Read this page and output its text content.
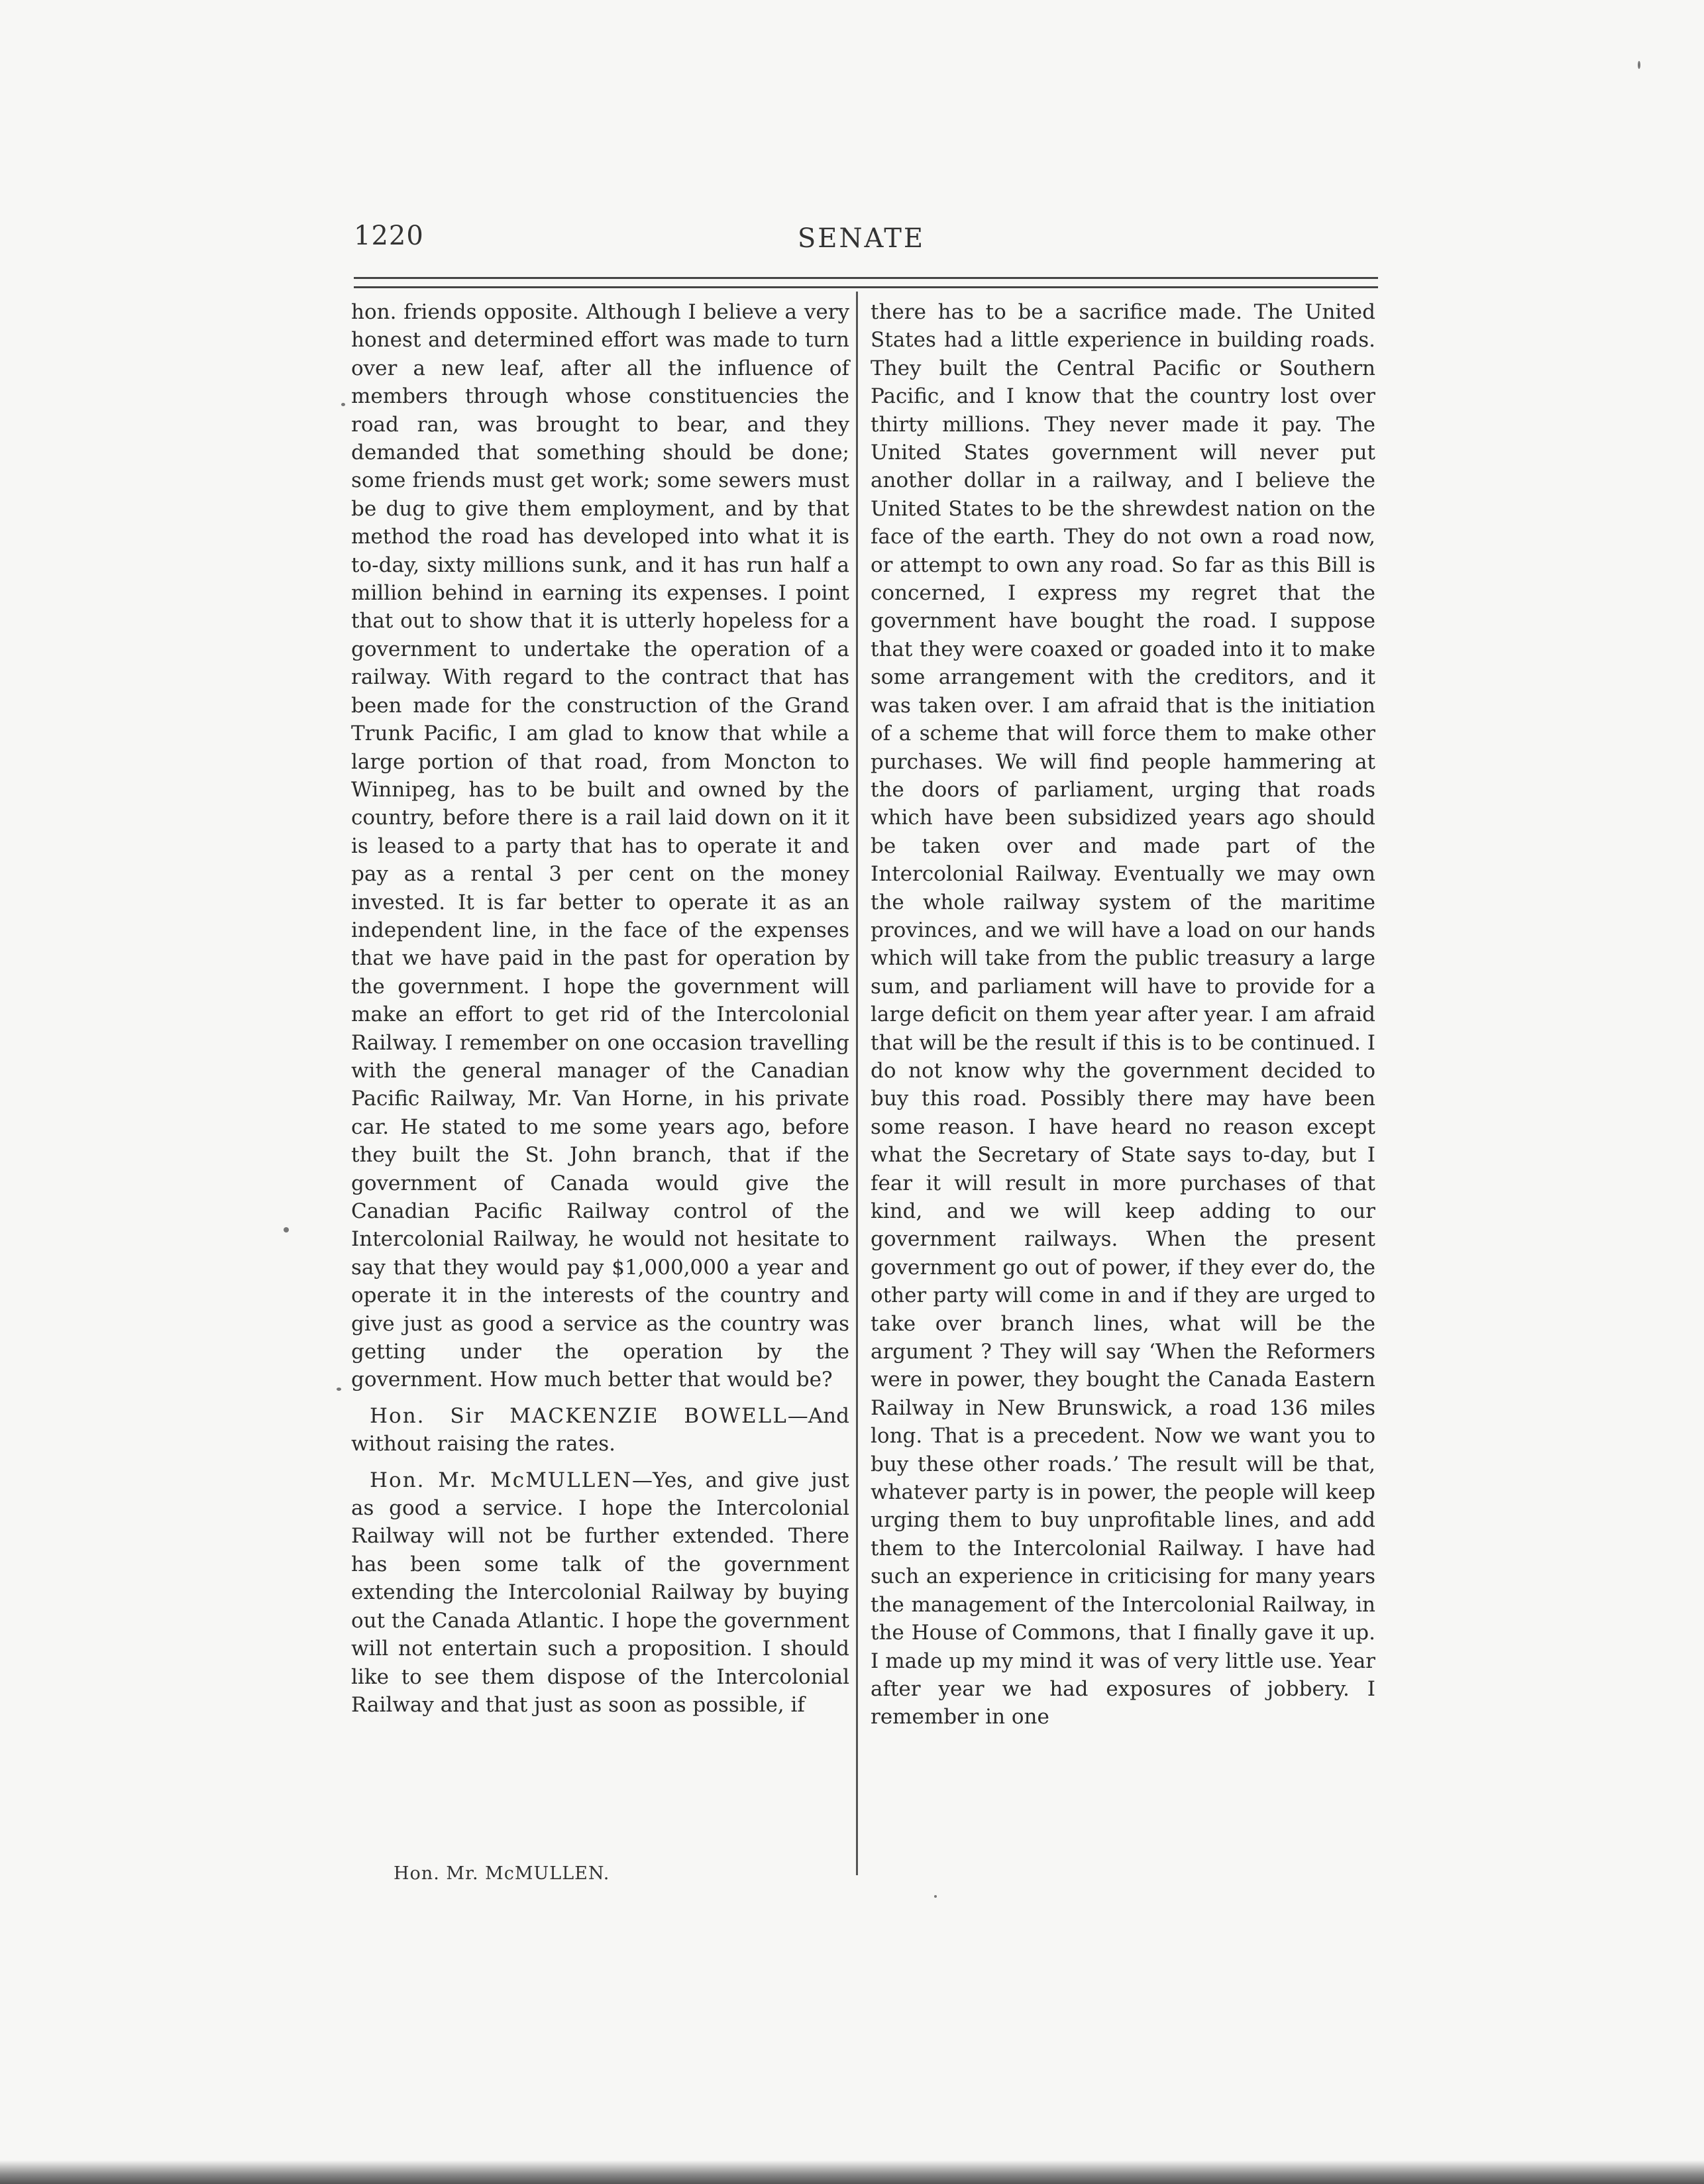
1220	SENATE

hon. friends opposite. Although I believe a very honest and determined effort was made to turn over a new leaf, after all the influence of members through whose constituencies the road ran, was brought to bear, and they demanded that something should be done; some friends must get work; some sewers must be dug to give them employment, and by that method the road has developed into what it is to-day, sixty millions sunk, and it has run half a million behind in earning its expenses. I point that out to show that it is utterly hopeless for a government to undertake the operation of a railway. With regard to the contract that has been made for the construction of the Grand Trunk Pacific, I am glad to know that while a large portion of that road, from Moncton to Winnipeg, has to be built and owned by the country, before there is a rail laid down on it it is leased to a party that has to operate it and pay as a rental 3 per cent on the money invested. It is far better to operate it as an independent line, in the face of the expenses that we have paid in the past for operation by the government. I hope the government will make an effort to get rid of the Intercolonial Railway. I remember on one occasion travelling with the general manager of the Canadian Pacific Railway, Mr. Van Horne, in his private car. He stated to me some years ago, before they built the St. John branch, that if the government of Canada would give the Canadian Pacific Railway control of the Intercolonial Railway, he would not hesitate to say that they would pay $1,000,000 a year and operate it in the interests of the country and give just as good a service as the country was getting under the operation by the government. How much better that would be?

Hon. Sir MACKENZIE BOWELL—And without raising the rates.

Hon. Mr. McMULLEN—Yes, and give just as good a service. I hope the Intercolonial Railway will not be further extended. There has been some talk of the government extending the Intercolonial Railway by buying out the Canada Atlantic. I hope the government will not entertain such a proposition. I should like to see them dispose of the Intercolonial Railway and that just as soon as possible, if

there has to be a sacrifice made. The United States had a little experience in building roads. They built the Central Pacific or Southern Pacific, and I know that the country lost over thirty millions. They never made it pay. The United States government will never put another dollar in a railway, and I believe the United States to be the shrewdest nation on the face of the earth. They do not own a road now, or attempt to own any road. So far as this Bill is concerned, I express my regret that the government have bought the road. I suppose that they were coaxed or goaded into it to make some arrangement with the creditors, and it was taken over. I am afraid that is the initiation of a scheme that will force them to make other purchases. We will find people hammering at the doors of parliament, urging that roads which have been subsidized years ago should be taken over and made part of the Intercolonial Railway. Eventually we may own the whole railway system of the maritime provinces, and we will have a load on our hands which will take from the public treasury a large sum, and parliament will have to provide for a large deficit on them year after year. I am afraid that will be the result if this is to be continued. I do not know why the government decided to buy this road. Possibly there may have been some reason. I have heard no reason except what the Secretary of State says to-day, but I fear it will result in more purchases of that kind, and we will keep adding to our government railways. When the present government go out of power, if they ever do, the other party will come in and if they are urged to take over branch lines, what will be the argument ? They will say ‘When the Reformers were in power, they bought the Canada Eastern Railway in New Brunswick, a road 136 miles long. That is a precedent. Now we want you to buy these other roads.’ The result will be that, whatever party is in power, the people will keep urging them to buy unprofitable lines, and add them to the Intercolonial Railway. I have had such an experience in criticising for many years the management of the Intercolonial Railway, in the House of Commons, that I finally gave it up. I made up my mind it was of very little use. Year after year we had exposures of jobbery. I remember in one

Hon. Mr. McMULLEN.
